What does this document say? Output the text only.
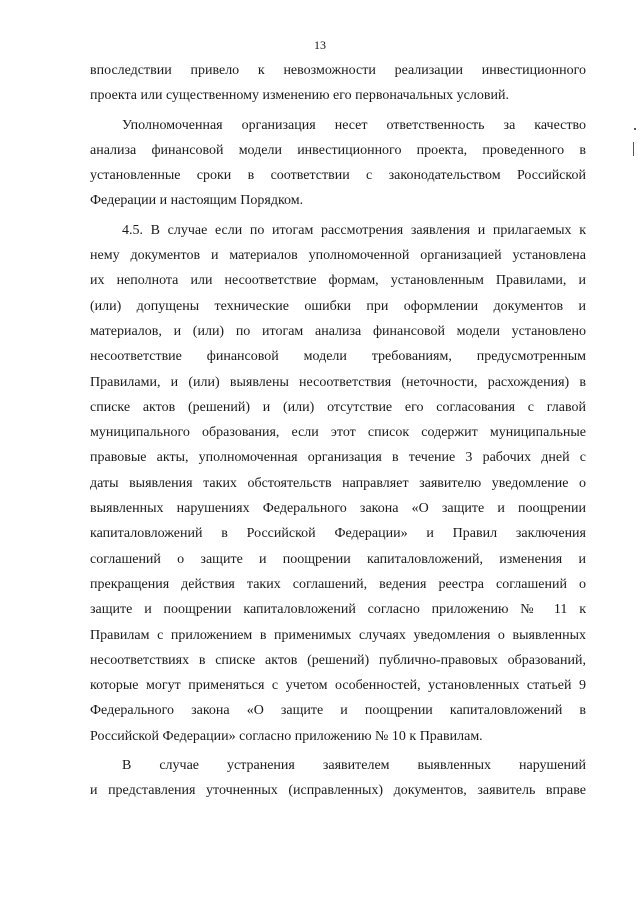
13
впоследствии привело к невозможности реализации инвестиционного
проекта или существенному изменению его первоначальных условий.
Уполномоченная организация несет ответственность за качество
анализа финансовой модели инвестиционного проекта, проведенного в
установленные сроки в соответствии с законодательством Российской
Федерации и настоящим Порядком.
4.5. В случае если по итогам рассмотрения заявления и прилагаемых к
нему документов и материалов уполномоченной организацией установлена
их неполнота или несоответствие формам, установленным Правилами, и
(или) допущены технические ошибки при оформлении документов и
материалов, и (или) по итогам анализа финансовой модели установлено
несоответствие финансовой модели требованиям, предусмотренным
Правилами, и (или) выявлены несоответствия (неточности, расхождения) в
списке актов (решений) и (или) отсутствие его согласования с главой
муниципального образования, если этот список содержит муниципальные
правовые акты, уполномоченная организация в течение 3 рабочих дней с
даты выявления таких обстоятельств направляет заявителю уведомление о
выявленных нарушениях Федерального закона «О защите и поощрении
капиталовложений в Российской Федерации» и Правил заключения
соглашений о защите и поощрении капиталовложений, изменения и
прекращения действия таких соглашений, ведения реестра соглашений о
защите и поощрении капиталовложений согласно приложению № 11 к
Правилам с приложением в применимых случаях уведомления о выявленных
несоответствиях в списке актов (решений) публично-правовых образований,
которые могут применяться с учетом особенностей, установленных статьей 9
Федерального закона «О защите и поощрении капиталовложений в
Российской Федерации» согласно приложению № 10 к Правилам.
В случае устранения заявителем выявленных нарушений
и представления уточненных (исправленных) документов, заявитель вправе
